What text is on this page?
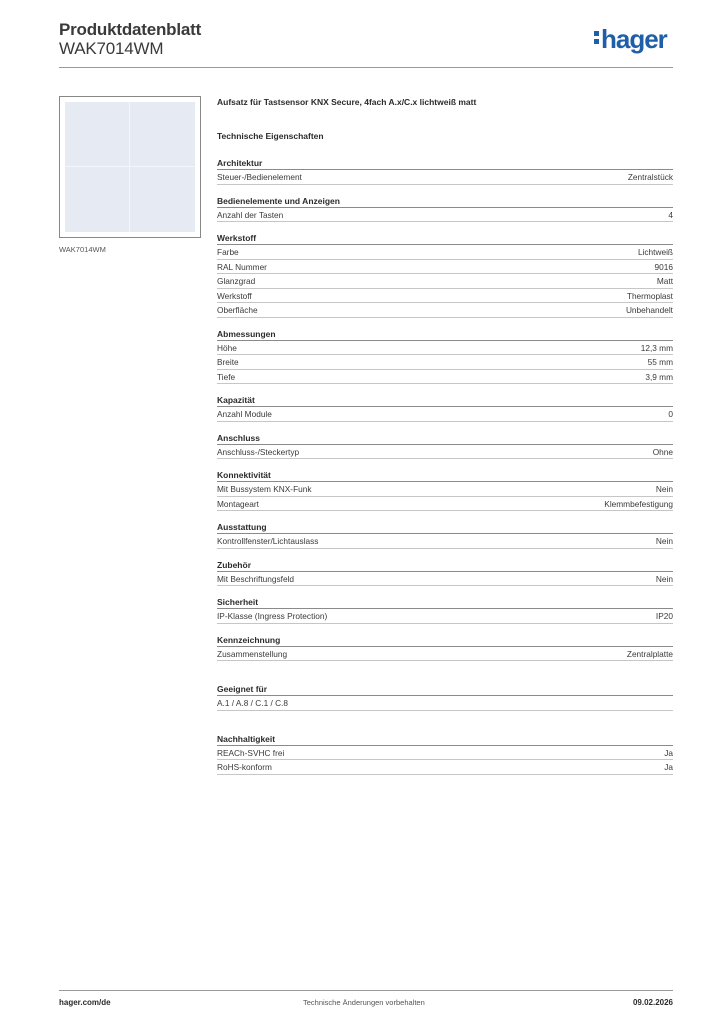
Produktdatenblatt
WAK7014WM	hager
WAK7014WM
Aufsatz für Tastsensor KNX Secure, 4fach A.x/C.x lichtweiß matt
Technische Eigenschaften
Architektur
Steuer-/Bedienelement	Zentralstück
Bedienelemente und Anzeigen
Anzahl der Tasten	4
Werkstoff
Farbe	Lichtweiß
RAL Nummer	9016
Glanzgrad	Matt
Werkstoff	Thermoplast
Oberfläche	Unbehandelt
Abmessungen
Höhe	12,3 mm
Breite	55 mm
Tiefe	3,9 mm
Kapazität
Anzahl Module	0
Anschluss
Anschluss-/Steckertyp	Ohne
Konnektivität
Mit Bussystem KNX-Funk	Nein
Montageart	Klemmbefestigung
Ausstattung
Kontrollfenster/Lichtauslass	Nein
Zubehör
Mit Beschriftungsfeld	Nein
Sicherheit
IP-Klasse (Ingress Protection)	IP20
Kennzeichnung
Zusammenstellung	Zentralplatte
Geeignet für
A.1 / A.8 / C.1 / C.8
Nachhaltigkeit
REACh-SVHC frei	Ja
RoHS-konform	Ja
hager.com/de	Technische Änderungen vorbehalten	09.02.2026
